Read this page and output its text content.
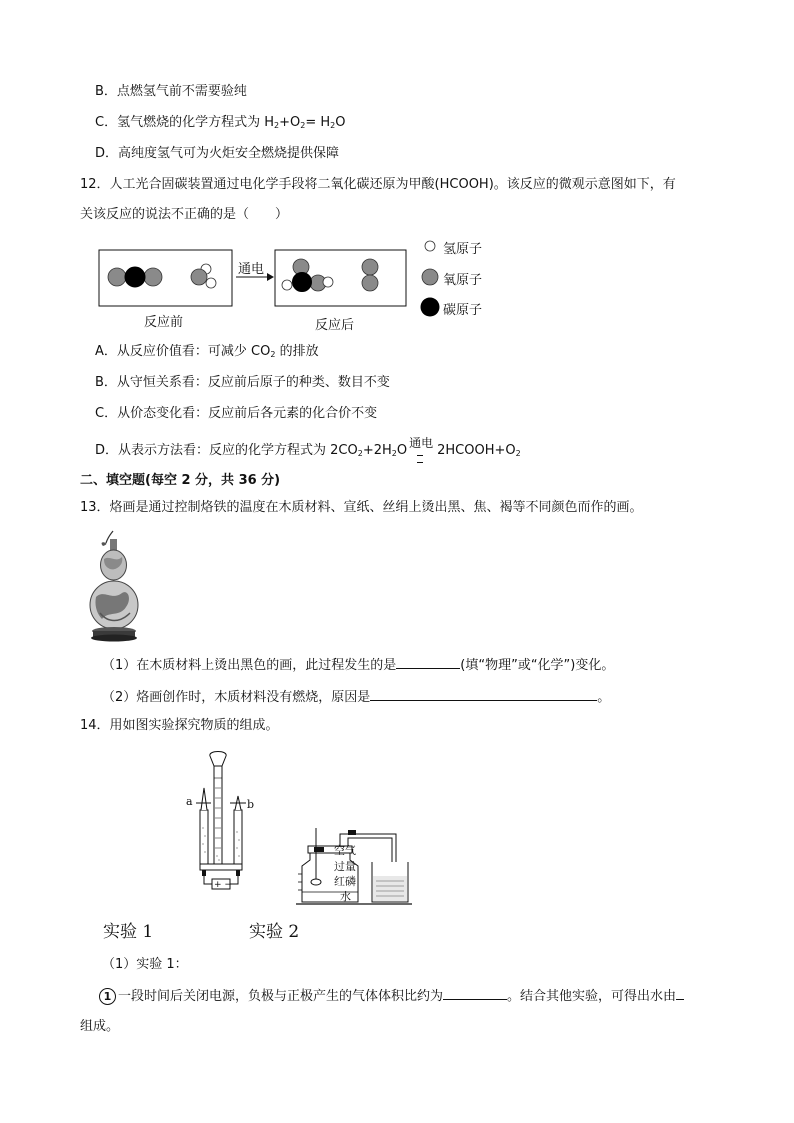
B．点燃氢气前不需要验纯
C．氢气燃烧的化学方程式为 $H_2+O_2= H_2O$
D．高纯度氢气可为火炬安全燃烧提供保障
12．人工光合固碳装置通过电化学手段将二氧化碳还原为甲酸(HCOOH)。该反应的微观示意图如下，有
关该反应的说法不正确的是（　　）
通电
反应前	反应后
氢原子
氧原子
碳原子
A．从反应价值看：可减少 $CO_2$ 的排放
B．从守恒关系看：反应前后原子的种类、数目不变
C．从价态变化看：反应前后各元素的化合价不变
D．从表示方法看：反应的化学方程式为 $2CO_2+2H_2O$ 通电 $2HCOOH+O_2$
二、填空题(每空 2 分，共 36 分)
13．烙画是通过控制烙铁的温度在木质材料、宣纸、丝绢上烫出黑、焦、褐等不同颜色而作的画。
（1）在木质材料上烫出黑色的画，此过程发生的是	(填“物理”或“化学”)变化。
（2）烙画创作时，木质材料没有燃烧，原因是	。
14．用如图实验探究物质的组成。
a	b
+ −
空气
过量
红磷
水
实验 1	实验 2
（1）实验 1：
1 一段时间后关闭电源，负极与正极产生的气体体积比约为	。结合其他实验，可得出水由
组成。
